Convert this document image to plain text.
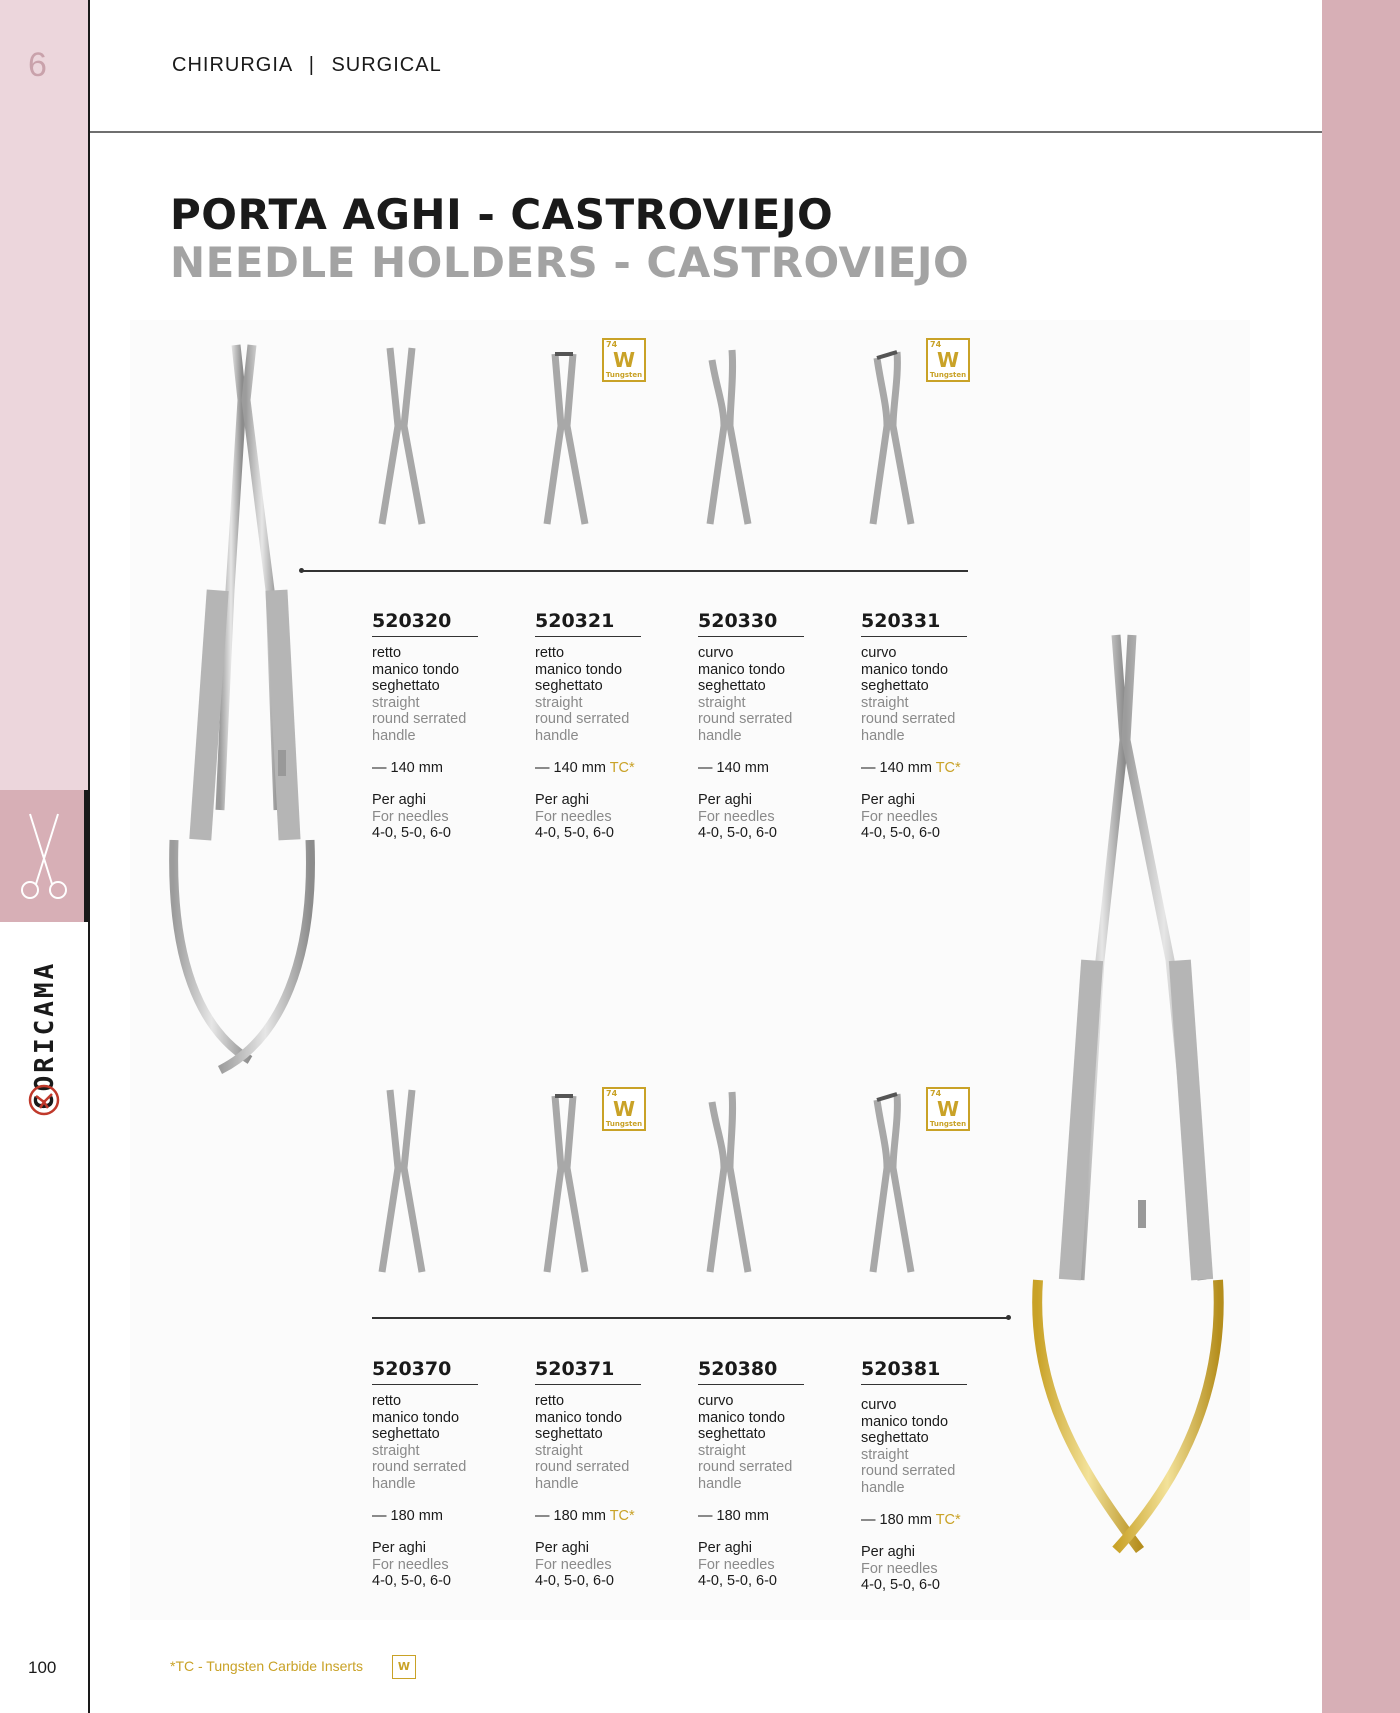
6
CORICAMA
100
CHIRURGIA | SURGICAL
PORTA AGHI - CASTROVIEJO
NEEDLE HOLDERS - CASTROVIEJO
74
W
Tungsten
74
W
Tungsten
74
W
Tungsten
74
W
Tungsten
520320
retto
manico tondo
seghettato
straight
round serrated
handle
— 140 mm
Per aghi
For needles
4-0, 5-0, 6-0
520321
retto
manico tondo
seghettato
straight
round serrated
handle
— 140 mm TC*
Per aghi
For needles
4-0, 5-0, 6-0
520330
curvo
manico tondo
seghettato
straight
round serrated
handle
— 140 mm
Per aghi
For needles
4-0, 5-0, 6-0
520331
curvo
manico tondo
seghettato
straight
round serrated
handle
— 140 mm TC*
Per aghi
For needles
4-0, 5-0, 6-0
520370
retto
manico tondo
seghettato
straight
round serrated
handle
— 180 mm
Per aghi
For needles
4-0, 5-0, 6-0
520371
retto
manico tondo
seghettato
straight
round serrated
handle
— 180 mm TC*
Per aghi
For needles
4-0, 5-0, 6-0
520380
curvo
manico tondo
seghettato
straight
round serrated
handle
— 180 mm
Per aghi
For needles
4-0, 5-0, 6-0
520381
curvo
manico tondo
seghettato
straight
round serrated
handle
— 180 mm TC*
Per aghi
For needles
4-0, 5-0, 6-0
*TC - Tungsten Carbide Inserts	W
